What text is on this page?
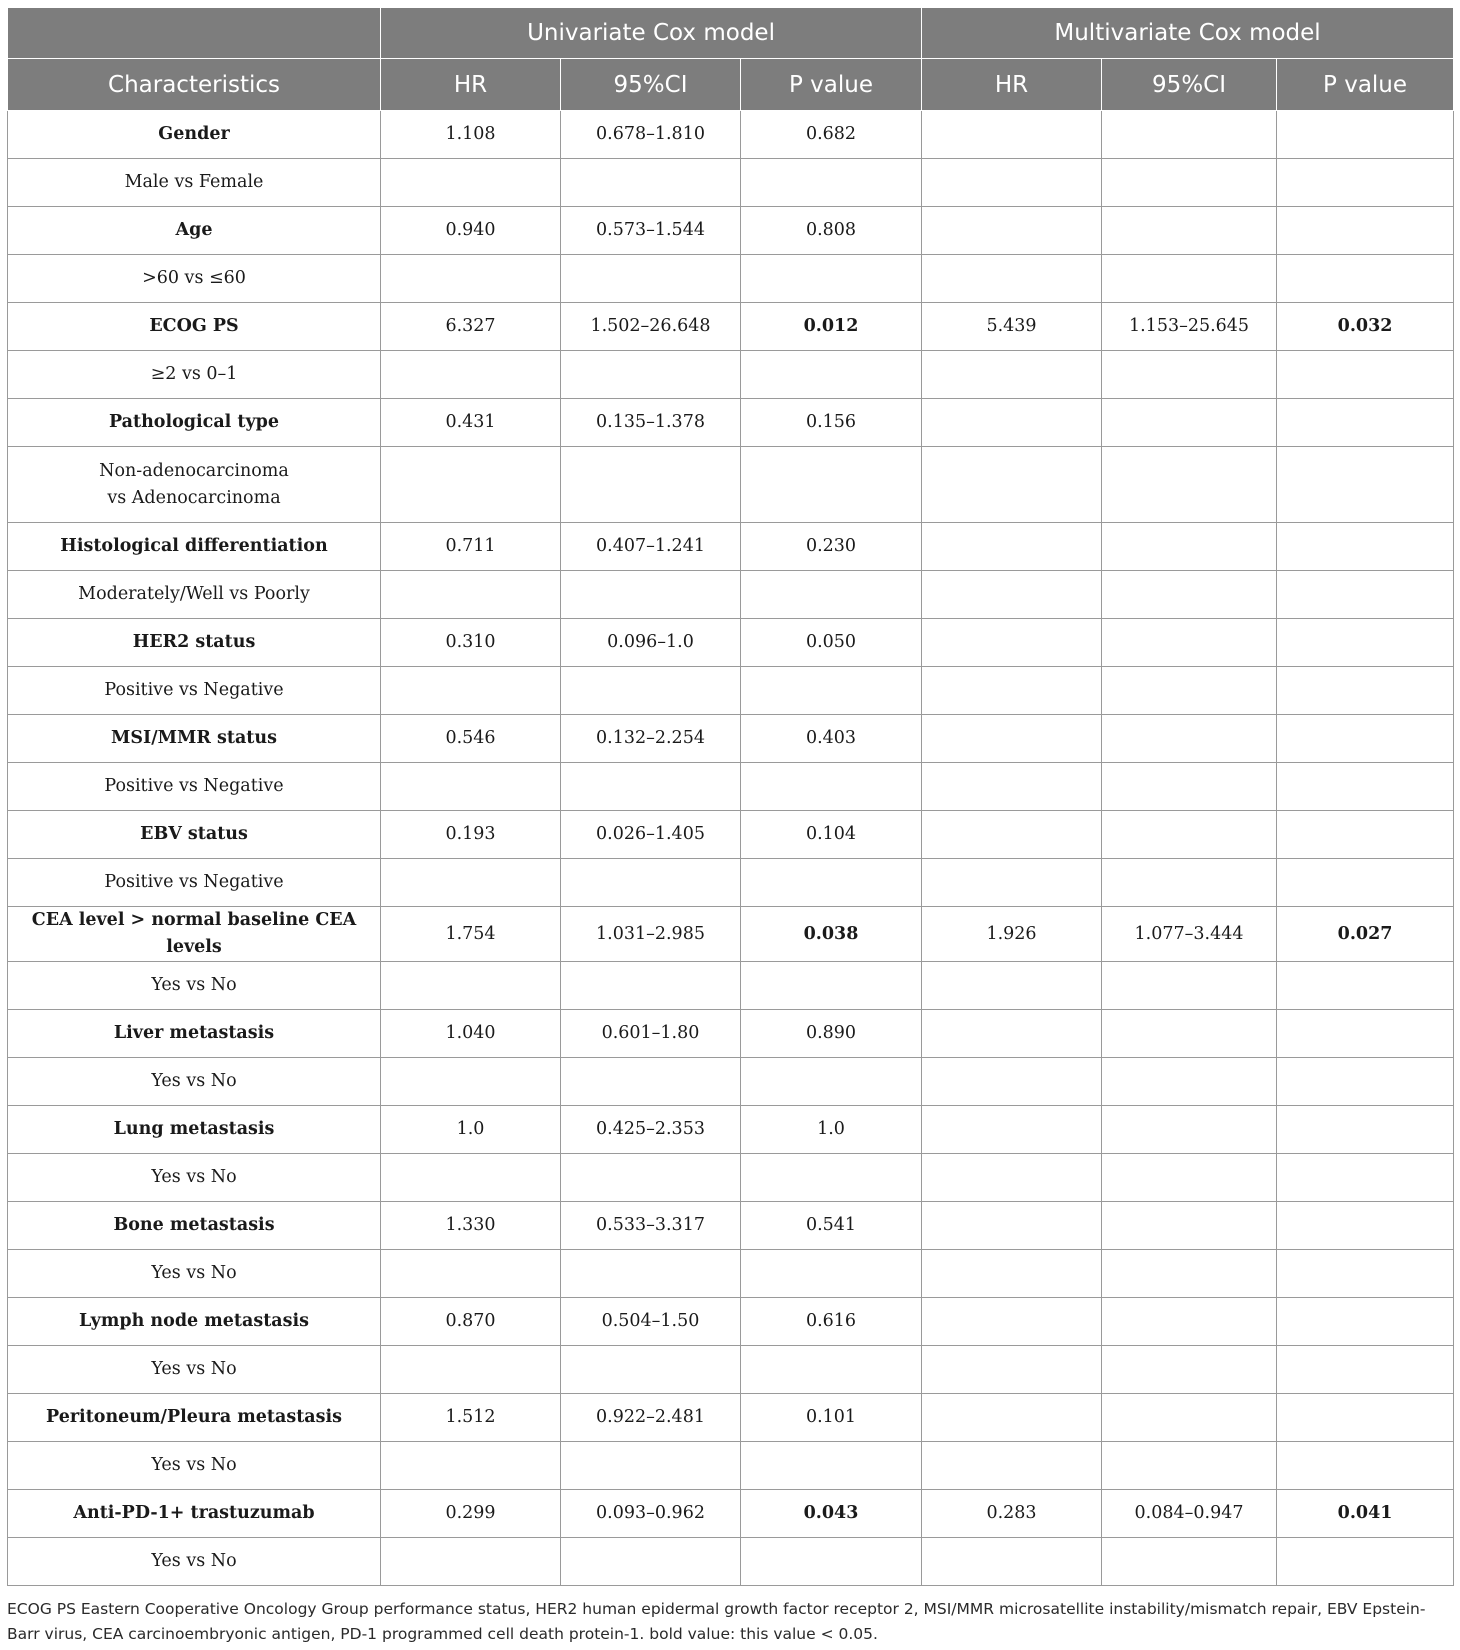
	Univariate Cox model			Multivariate Cox model		
Characteristics	HR	95%CI	P value	HR	95%CI	P value
Gender	1.108	0.678–1.810	0.682			
Male vs Female						
Age	0.940	0.573–1.544	0.808			
>60 vs ≤60						
ECOG PS	6.327	1.502–26.648	0.012	5.439	1.153–25.645	0.032
≥2 vs 0–1						
Pathological type	0.431	0.135–1.378	0.156			

Non-adenocarcinoma
vs Adenocarcinoma						

Histological differentiation	0.711	0.407–1.241	0.230			
Moderately/Well vs Poorly						
HER2 status	0.310	0.096–1.0	0.050			
Positive vs Negative						
MSI/MMR status	0.546	0.132–2.254	0.403			
Positive vs Negative						
EBV status	0.193	0.026–1.405	0.104			
Positive vs Negative						
CEA level > normal baseline CEA levels	1.754	1.031–2.985	0.038	1.926	1.077–3.444	0.027
Yes vs No						
Liver metastasis	1.040	0.601–1.80	0.890			
Yes vs No						
Lung metastasis	1.0	0.425–2.353	1.0			
Yes vs No						
Bone metastasis	1.330	0.533–3.317	0.541			
Yes vs No						
Lymph node metastasis	0.870	0.504–1.50	0.616			
Yes vs No						
Peritoneum/Pleura metastasis	1.512	0.922–2.481	0.101			
Yes vs No						
Anti-PD-1+ trastuzumab	0.299	0.093–0.962	0.043	0.283	0.084–0.947	0.041
Yes vs No						
ECOG PS Eastern Cooperative Oncology Group performance status, HER2 human epidermal growth factor receptor 2, MSI/MMR microsatellite instability/mismatch repair, EBV Epstein-Barr virus, CEA carcinoembryonic antigen, PD-1 programmed cell death protein-1. bold value: this value < 0.05.
